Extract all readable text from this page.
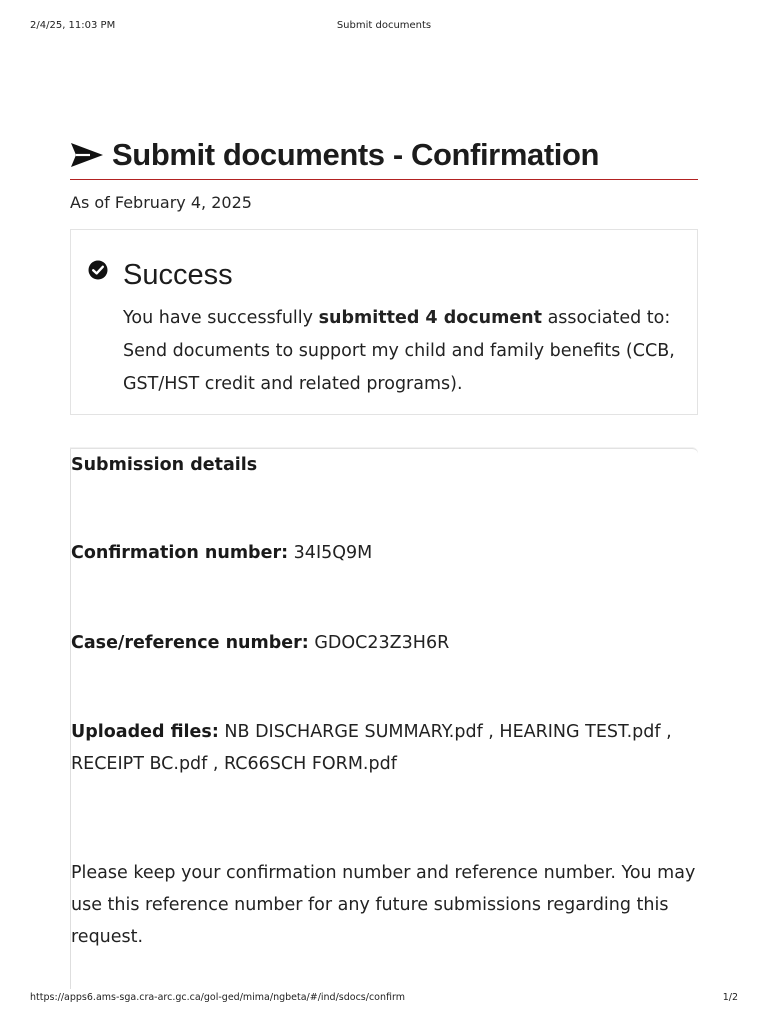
2/4/25, 11:03 PM	Submit documents
Submit documents - Confirmation
As of February 4, 2025
Success
You have successfully submitted 4 document associated to: Send documents to support my child and family benefits (CCB, GST/HST credit and related programs).
Submission details
Confirmation number: 34I5Q9M
Case/reference number: GDOC23Z3H6R
Uploaded files: NB DISCHARGE SUMMARY.pdf , HEARING TEST.pdf , RECEIPT BC.pdf , RC66SCH FORM.pdf
Please keep your confirmation number and reference number. You may use this reference number for any future submissions regarding this request.
https://apps6.ams-sga.cra-arc.gc.ca/gol-ged/mima/ngbeta/#/ind/sdocs/confirm	1/2
